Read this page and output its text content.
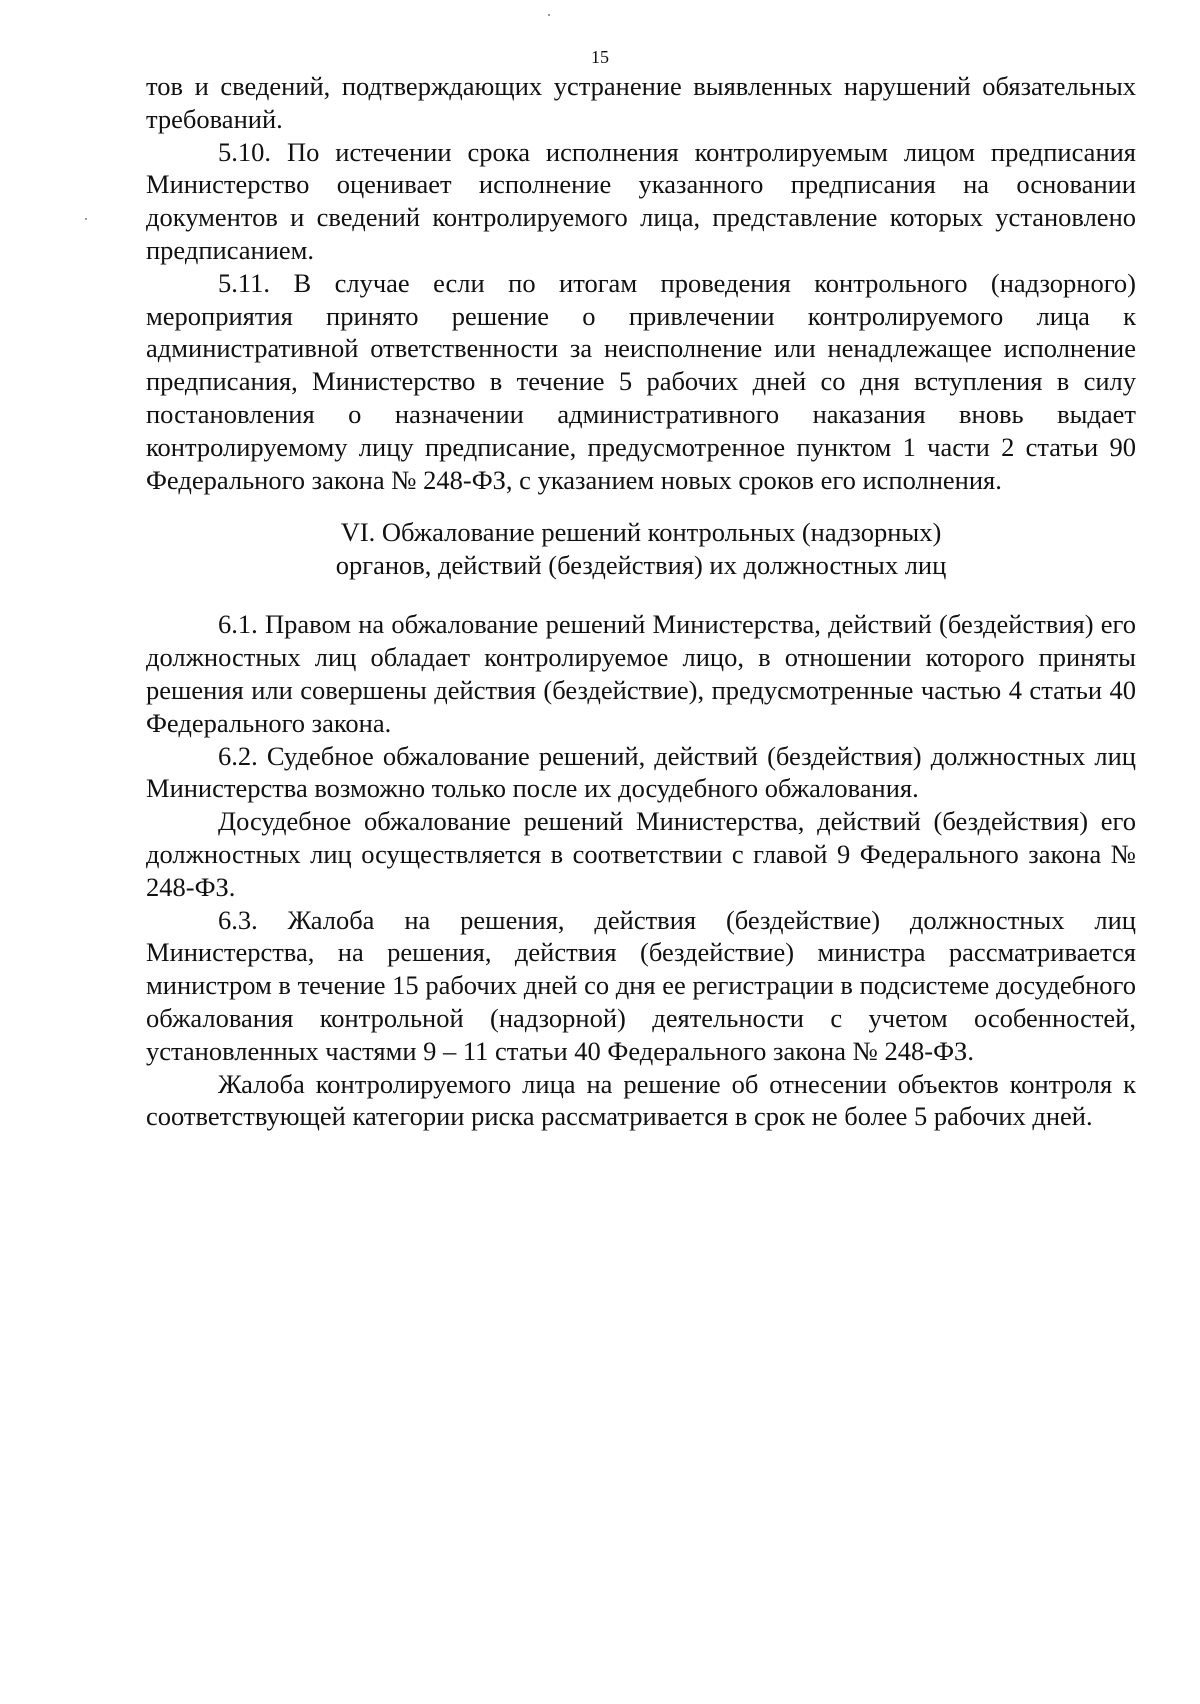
15

тов и сведений, подтверждающих устранение выявленных нарушений обязательных требований.

5.10. По истечении срока исполнения контролируемым лицом предписания Министерство оценивает исполнение указанного предписания на основании документов и сведений контролируемого лица, представление которых установлено предписанием.

5.11. В случае если по итогам проведения контрольного (надзорного) мероприятия принято решение о привлечении контролируемого лица к административной ответственности за неисполнение или ненадлежащее исполнение предписания, Министерство в течение 5 рабочих дней со дня вступления в силу постановления о назначении административного наказания вновь выдает контролируемому лицу предписание, предусмотренное пунктом 1 части 2 статьи 90 Федерального закона № 248-ФЗ, с указанием новых сроков его исполнения.

VI. Обжалование решений контрольных (надзорных)
органов, действий (бездействия) их должностных лиц

6.1. Правом на обжалование решений Министерства, действий (бездействия) его должностных лиц обладает контролируемое лицо, в отношении которого приняты решения или совершены действия (бездействие), предусмотренные частью 4 статьи 40 Федерального закона.

6.2. Судебное обжалование решений, действий (бездействия) должностных лиц Министерства возможно только после их досудебного обжалования.

Досудебное обжалование решений Министерства, действий (бездействия) его должностных лиц осуществляется в соответствии с главой 9 Федерального закона № 248-ФЗ.

6.3. Жалоба на решения, действия (бездействие) должностных лиц Министерства, на решения, действия (бездействие) министра рассматривается министром в течение 15 рабочих дней со дня ее регистрации в подсистеме досудебного обжалования контрольной (надзорной) деятельности с учетом особенностей, установленных частями 9 – 11 статьи 40 Федерального закона № 248-ФЗ.

Жалоба контролируемого лица на решение об отнесении объектов контроля к соответствующей категории риска рассматривается в срок не более 5 рабочих дней.
